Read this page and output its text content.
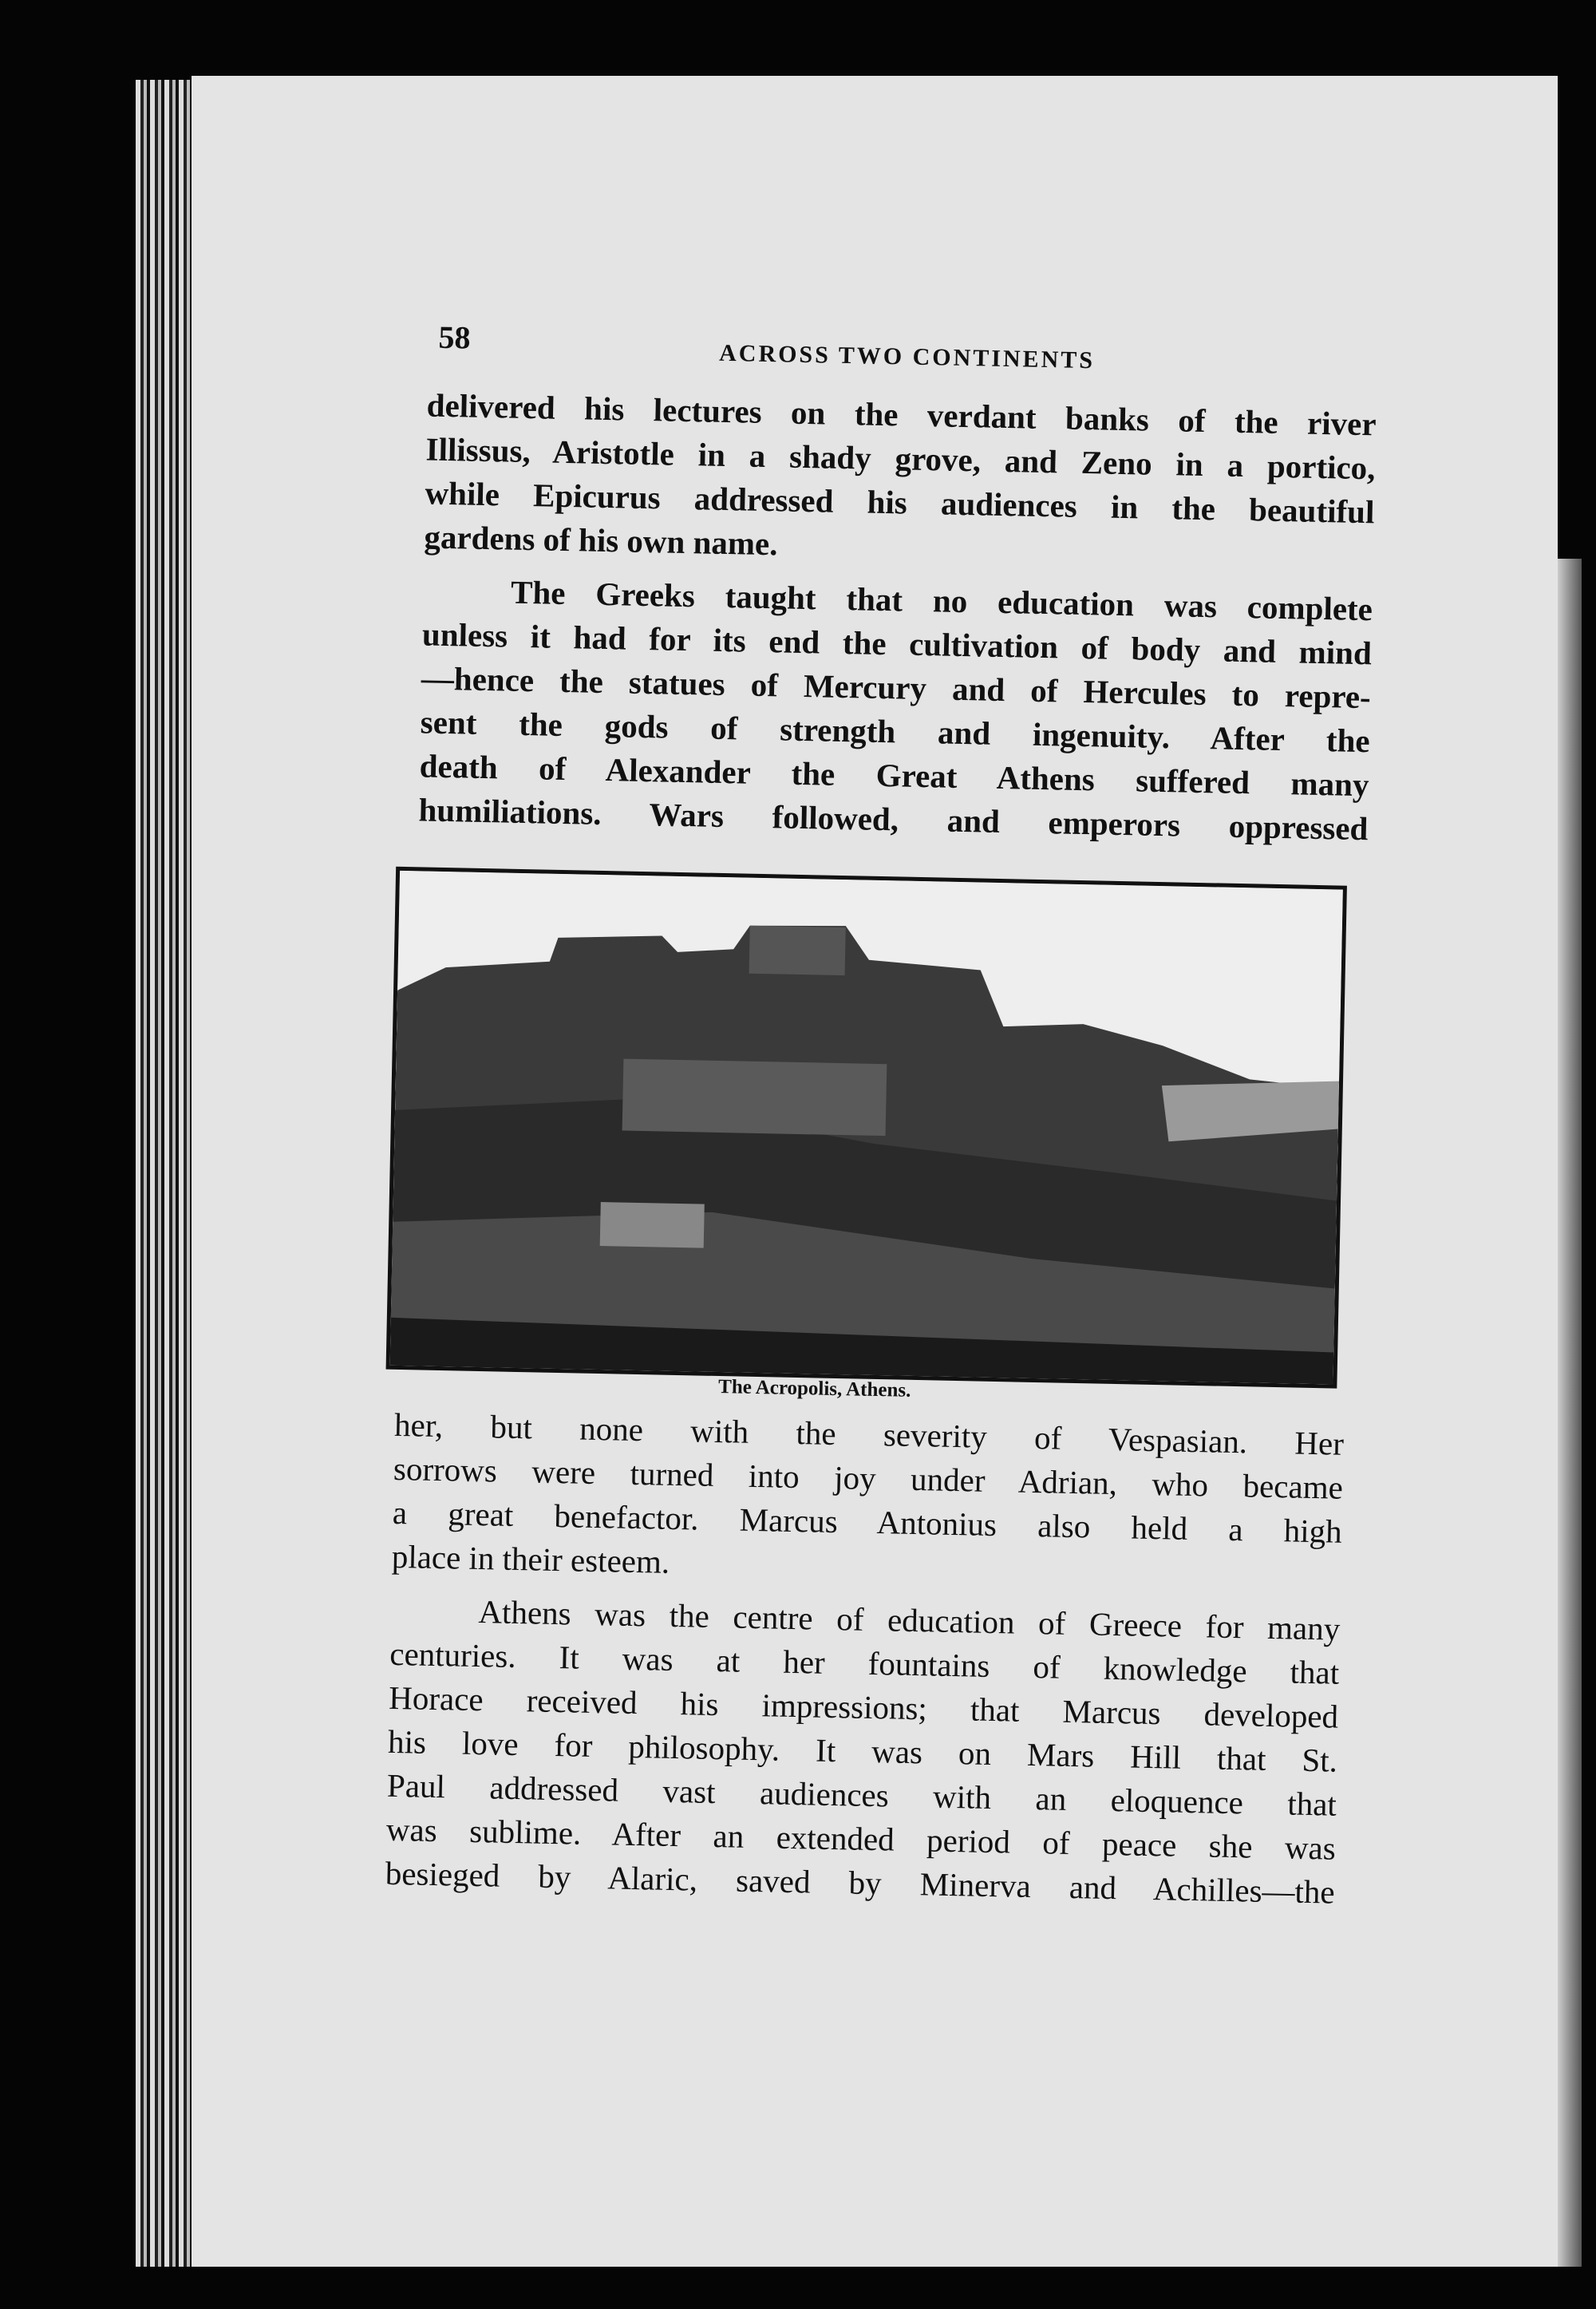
58
ACROSS TWO CONTINENTS
delivered his lectures on the verdant banks of the river
Illissus, Aristotle in a shady grove, and Zeno in a portico,
while Epicurus addressed his audiences in the beautiful
gardens of his own name.
The Greeks taught that no education was complete
unless it had for its end the cultivation of body and mind
—hence the statues of Mercury and of Hercules to repre-
sent the gods of strength and ingenuity. After the
death of Alexander the Great Athens suffered many
humiliations. Wars followed, and emperors oppressed
The Acropolis, Athens.
her, but none with the severity of Vespasian. Her
sorrows were turned into joy under Adrian, who became
a great benefactor. Marcus Antonius also held a high
place in their esteem.
Athens was the centre of education of Greece for many
centuries. It was at her fountains of knowledge that
Horace received his impressions; that Marcus developed
his love for philosophy. It was on Mars Hill that St.
Paul addressed vast audiences with an eloquence that
was sublime. After an extended period of peace she was
besieged by Alaric, saved by Minerva and Achilles—the
